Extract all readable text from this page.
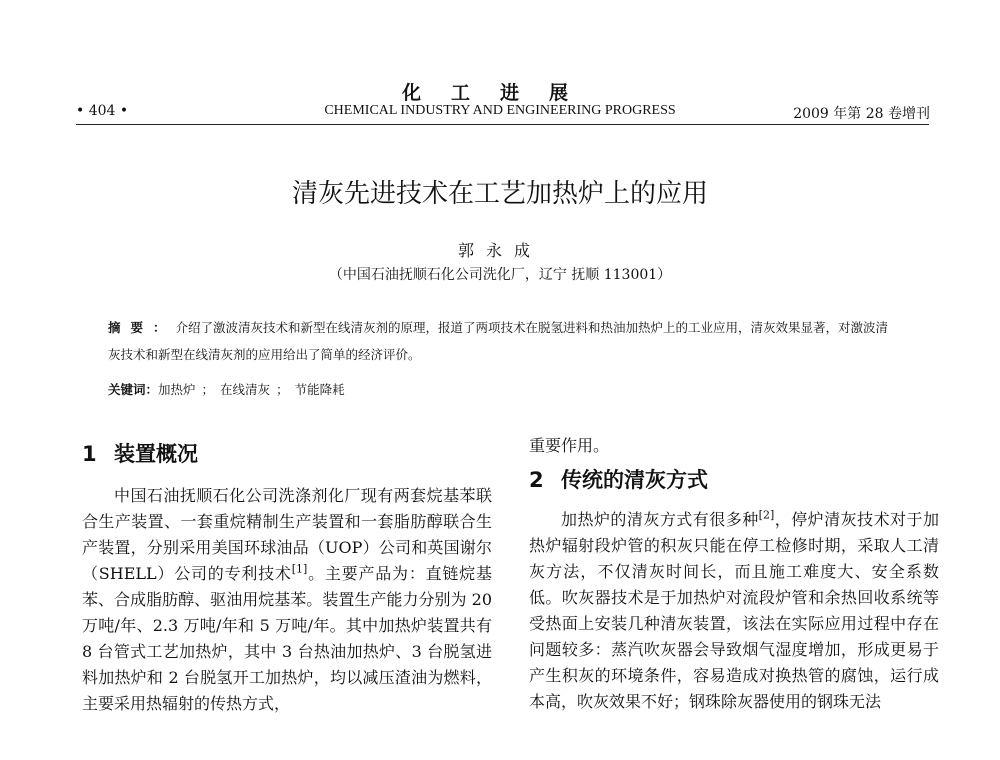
化工进展
• 404 •	CHEMICAL INDUSTRY AND ENGINEERING PROGRESS	2009 年第 28 卷增刊
清灰先进技术在工艺加热炉上的应用
郭永成
（中国石油抚顺石化公司洗化厂，辽宁 抚顺 113001）
摘要：介绍了激波清灰技术和新型在线清灰剂的原理，报道了两项技术在脱氢进料和热油加热炉上的工业应用，清灰效果显著，对激波清灰技术和新型在线清灰剂的应用给出了简单的经济评价。
关键词：加热炉 ； 在线清灰 ； 节能降耗
1 装置概况

中国石油抚顺石化公司洗涤剂化厂现有两套烷基苯联合生产装置、一套重烷精制生产装置和一套脂肪醇联合生产装置，分别采用美国环球油品（UOP）公司和英国谢尔（SHELL）公司的专利技术[1]。主要产品为：直链烷基苯、合成脂肪醇、驱油用烷基苯。装置生产能力分别为 20 万吨/年、2.3 万吨/年和 5 万吨/年。其中加热炉装置共有 8 台管式工艺加热炉，其中 3 台热油加热炉、3 台脱氢进料加热炉和 2 台脱氢开工加热炉，均以减压渣油为燃料，主要采用热辐射的传热方式，

重要作用。

2 传统的清灰方式

加热炉的清灰方式有很多种[2]，停炉清灰技术对于加热炉辐射段炉管的积灰只能在停工检修时期，采取人工清灰方法，不仅清灰时间长，而且施工难度大、安全系数低。吹灰器技术是于加热炉对流段炉管和余热回收系统等受热面上安装几种清灰装置，该法在实际应用过程中存在问题较多：蒸汽吹灰器会导致烟气湿度增加，形成更易于产生积灰的环境条件，容易造成对换热管的腐蚀，运行成本高，吹灰效果不好；钢珠除灰器使用的钢珠无法
